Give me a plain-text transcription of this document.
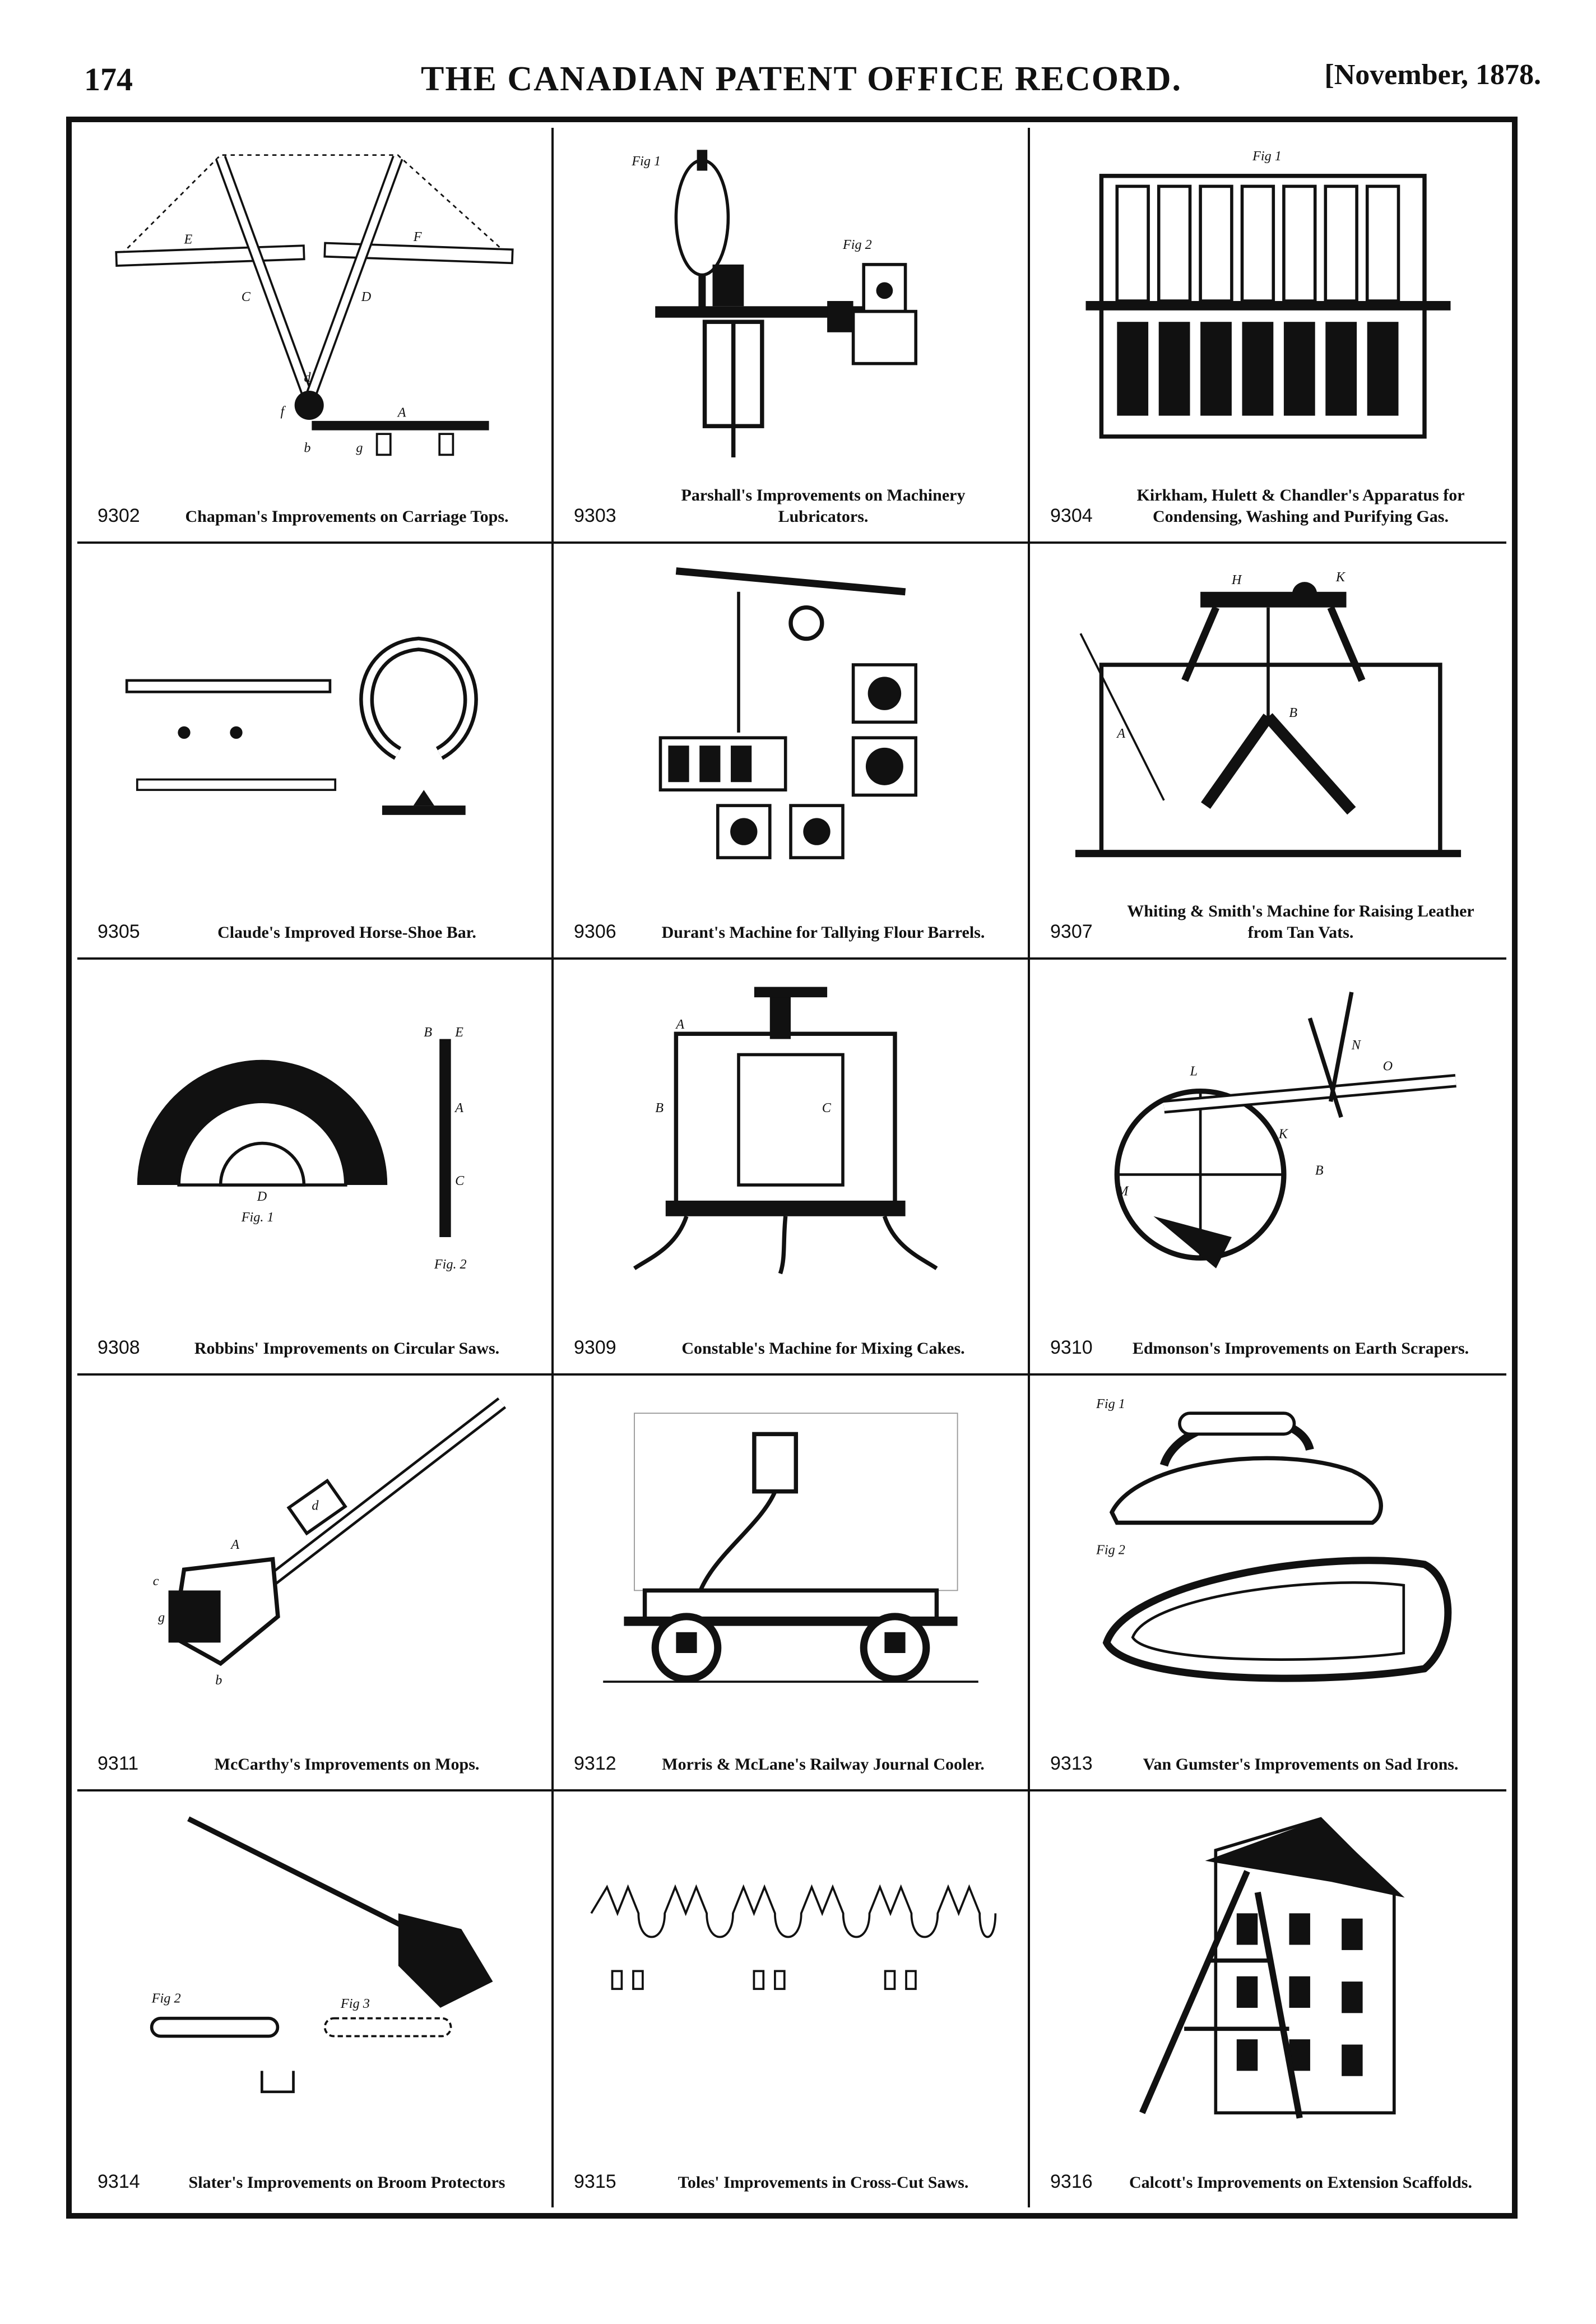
174	THE CANADIAN PATENT OFFICE RECORD.	[November, 1878.
E	F
C	D
A
d
f
b	g
9302	Chapman's Improvements on Carriage Tops.
Fig 1
Fig 2
9303
Parshall's Improvements on Machinery Lubricators.
Fig 1
9304
Kirkham, Hulett & Chandler's Apparatus for Condensing, Washing and Purifying Gas.
9305	Claude's Improved Horse-Shoe Bar.	9306	Durant's Machine for Tallying Flour Barrels.
H	K
A
B
9307
Whiting & Smith's Machine for Raising Leather from Tan Vats.
D
Fig. 1
Fig. 2
B E
A
C
9308	Robbins' Improvements on Circular Saws.
A
B	C
9309	Constable's Machine for Mixing Cakes.
N
O
K
M
L
B
9310	Edmonson's Improvements on Earth Scrapers.
A
c
g
b
d
9311	McCarthy's Improvements on Mops.	9312	Morris & McLane's Railway Journal Cooler.
Fig 1
Fig 2
9313	Van Gumster's Improvements on Sad Irons.
Fig 2	Fig 3
9314	Slater's Improvements on Broom Protectors	9315	Toles' Improvements in Cross-Cut Saws.	9316	Calcott's Improvements on Extension Scaffolds.
